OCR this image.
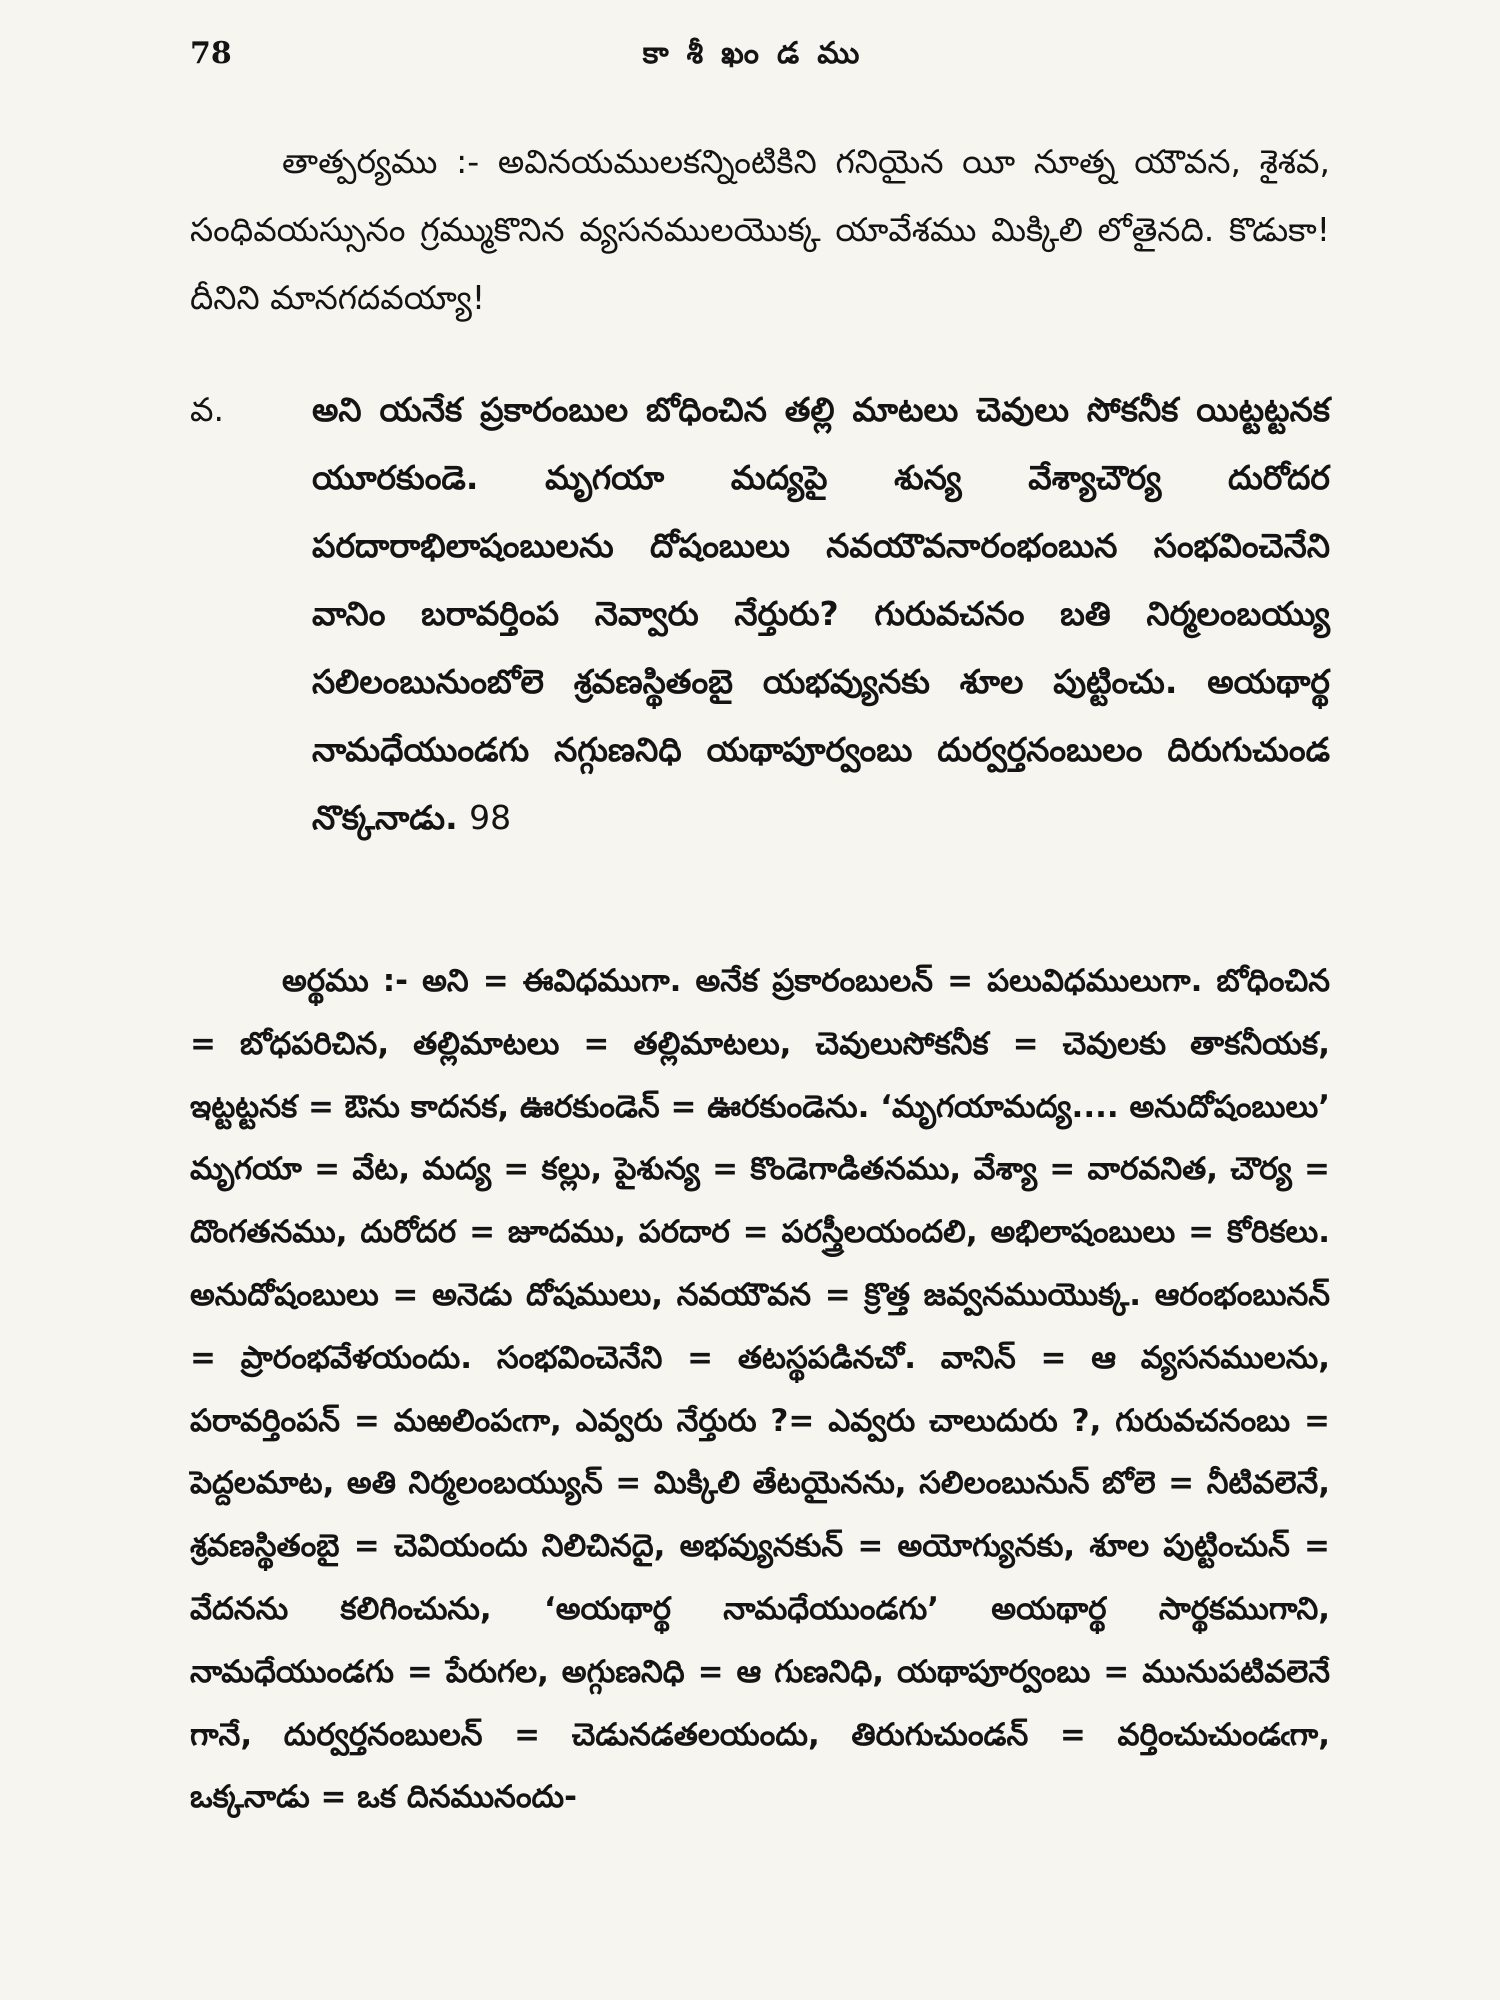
78	కాశీఖండము

తాత్పర్యము :- అవినయములకన్నింటికిని గనియైన యీ నూత్న యౌవన, శైశవ, సంధివయస్సునం గ్రమ్ముకొనిన వ్యసనములయొక్క యావేశము మిక్కిలి లోతైనది. కొడుకా! దీనిని మానగదవయ్యా!

వ.	అని యనేక ప్రకారంబుల బోధించిన తల్లి మాటలు చెవులు సోకనీక యిట్టట్టనక యూరకుండె. మృగయా మద్యపై శున్య వేశ్యాచౌర్య దురోదర పరదారాభిలాషంబులను దోషంబులు నవయౌవనారంభంబున సంభవించెనేని వానిం బరావర్తింప నెవ్వారు నేర్తురు? గురువచనం బతి నిర్మలంబయ్యు సలిలంబునుంబోలె శ్రవణస్థితంబై యభవ్యునకు శూల పుట్టించు. అయథార్థ నామధేయుండగు నగ్గుణనిధి యథాపూర్వంబు దుర్వర్తనంబులం దిరుగుచుండ నొక్కనాడు. 98

అర్థము :- అని = ఈవిధముగా. అనేక ప్రకారంబులన్ = పలువిధములుగా. బోధించిన = బోధపరిచిన, తల్లిమాటలు = తల్లిమాటలు, చెవులుసోకనీక = చెవులకు తాకనీయక, ఇట్టట్టనక = ఔను కాదనక, ఊరకుండెన్ = ఊరకుండెను. ‘మృగయామద్య.... అనుదోషంబులు’ మృగయా = వేట, మద్య = కల్లు, పైశున్య = కొండెగాడితనము, వేశ్యా = వారవనిత, చౌర్య = దొంగతనము, దురోదర = జూదము, పరదార = పరస్త్రీలయందలి, అభిలాషంబులు = కోరికలు. అనుదోషంబులు = అనెడు దోషములు, నవయౌవన = క్రొత్త జవ్వనముయొక్క. ఆరంభంబునన్ = ప్రారంభవేళయందు. సంభవించెనేని = తటస్థపడినచో. వానిన్ = ఆ వ్యసనములను, పరావర్తింపన్ = మఱలింపఁగా, ఎవ్వరు నేర్తురు ?= ఎవ్వరు చాలుదురు ?, గురువచనంబు = పెద్దలమాట, అతి నిర్మలంబయ్యున్ = మిక్కిలి తేటయైనను, సలిలంబునున్ బోలె = నీటివలెనే, శ్రవణస్థితంబై = చెవియందు నిలిచినదై, అభవ్యునకున్ = అయోగ్యునకు, శూల పుట్టించున్ = వేదనను కలిగించును, ‘అయథార్థ నామధేయుండగు’ అయథార్థ సార్థకముగాని, నామధేయుండగు = పేరుగల, అగ్గుణనిధి = ఆ గుణనిధి, యథాపూర్వంబు = మునుపటివలెనే గానే, దుర్వర్తనంబులన్ = చెడునడతలయందు, తిరుగుచుండన్ = వర్తించుచుండఁగా, ఒక్కనాడు = ఒక దినమునందు-
